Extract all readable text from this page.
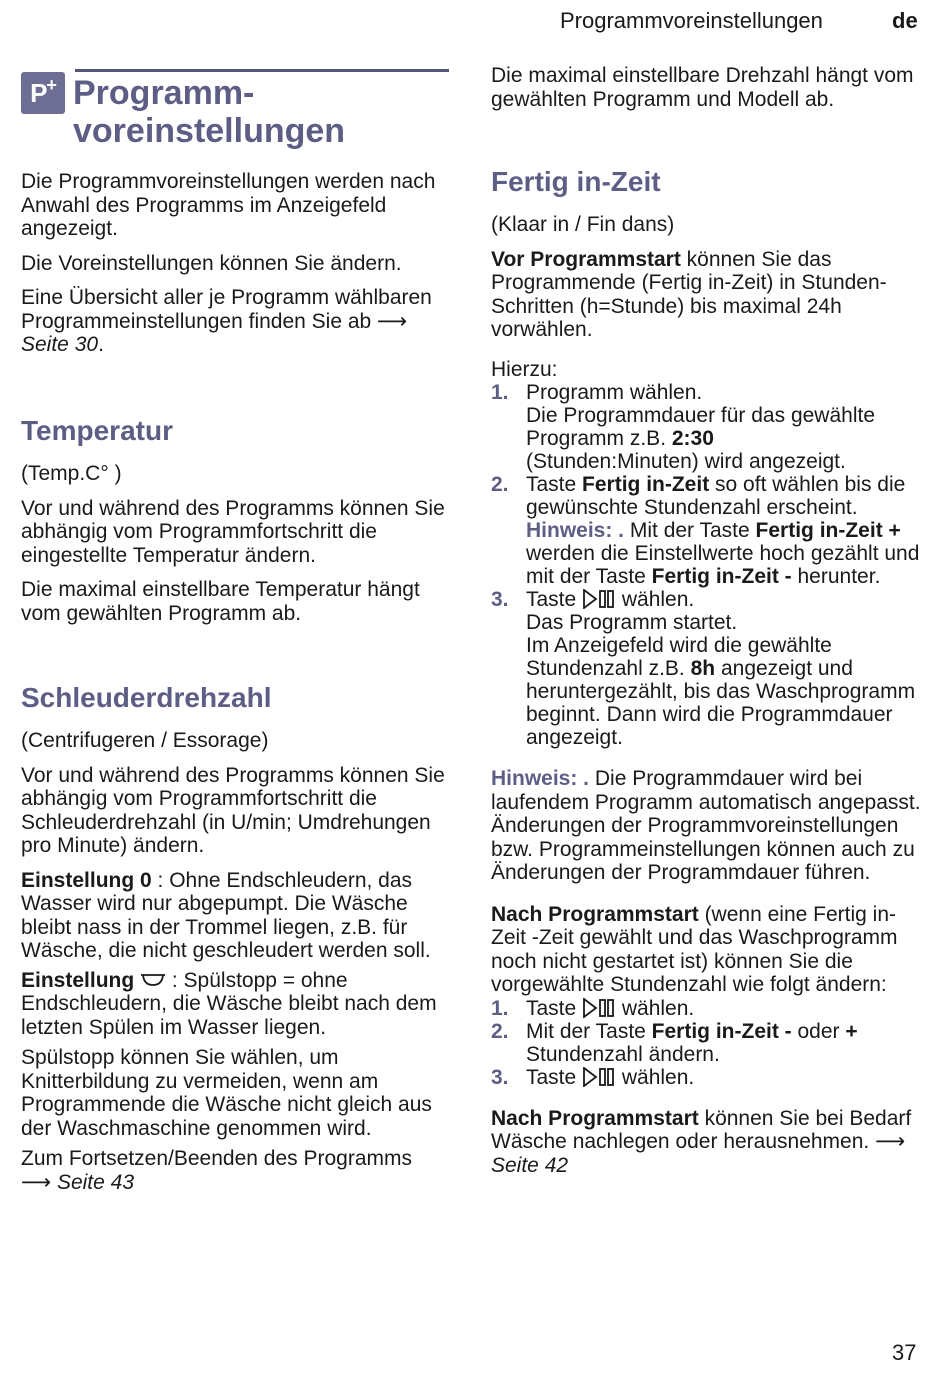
Programmvoreinstellungen	de
P+ Programm-
voreinstellungen

Die Programmvoreinstellungen werden nach Anwahl des Programms im Anzeigefeld angezeigt.

Die Voreinstellungen können Sie ändern.

Eine Übersicht aller je Programm wählbaren Programmeinstellungen finden Sie ab ⟶ Seite 30.

Temperatur

(Temp.C° )

Vor und während des Programms können Sie abhängig vom Programmfortschritt die eingestellte Temperatur ändern.

Die maximal einstellbare Temperatur hängt vom gewählten Programm ab.

Schleuderdrehzahl

(Centrifugeren / Essorage)

Vor und während des Programms können Sie abhängig vom Programmfortschritt die Schleuderdrehzahl (in U/min; Umdrehungen pro Minute) ändern.

Einstellung 0 : Ohne Endschleudern, das Wasser wird nur abgepumpt. Die Wäsche bleibt nass in der Trommel liegen, z.B. für Wäsche, die nicht geschleudert werden soll.

Einstellung  : Spülstopp = ohne Endschleudern, die Wäsche bleibt nach dem letzten Spülen im Wasser liegen.

Spülstopp können Sie wählen, um Knitterbildung zu vermeiden, wenn am Programmende die Wäsche nicht gleich aus der Waschmaschine genommen wird.

Zum Fortsetzen/Beenden des Programms ⟶ Seite 43

Die maximal einstellbare Drehzahl hängt vom gewählten Programm und Modell ab.

Fertig in-Zeit

(Klaar in / Fin dans)

Vor Programmstart können Sie das Programmende (Fertig in-Zeit) in Stunden-Schritten (h=Stunde) bis maximal 24h vorwählen.

Hierzu:

1. Programm wählen.
Die Programmdauer für das gewählte Programm z.B. 2:30
(Stunden:Minuten) wird angezeigt.
2. Taste Fertig in-Zeit so oft wählen bis die gewünschte Stundenzahl erscheint.
Hinweis: . Mit der Taste Fertig in-Zeit + werden die Einstellwerte hoch gezählt und mit der Taste Fertig in-Zeit - herunter.
3. Taste  wählen.
Das Programm startet.
Im Anzeigefeld wird die gewählte Stundenzahl z.B. 8h angezeigt und heruntergezählt, bis das Waschprogramm beginnt. Dann wird die Programmdauer angezeigt.

Hinweis: . Die Programmdauer wird bei laufendem Programm automatisch angepasst. Änderungen der Programmvoreinstellungen bzw. Programmeinstellungen können auch zu Änderungen der Programmdauer führen.

Nach Programmstart (wenn eine Fertig in-Zeit -Zeit gewählt und das Waschprogramm noch nicht gestartet ist) können Sie die vorgewählte Stundenzahl wie folgt ändern:

1. Taste  wählen.
2. Mit der Taste Fertig in-Zeit - oder +
Stundenzahl ändern.
3. Taste  wählen.

Nach Programmstart können Sie bei Bedarf Wäsche nachlegen oder herausnehmen. ⟶ Seite 42

37
